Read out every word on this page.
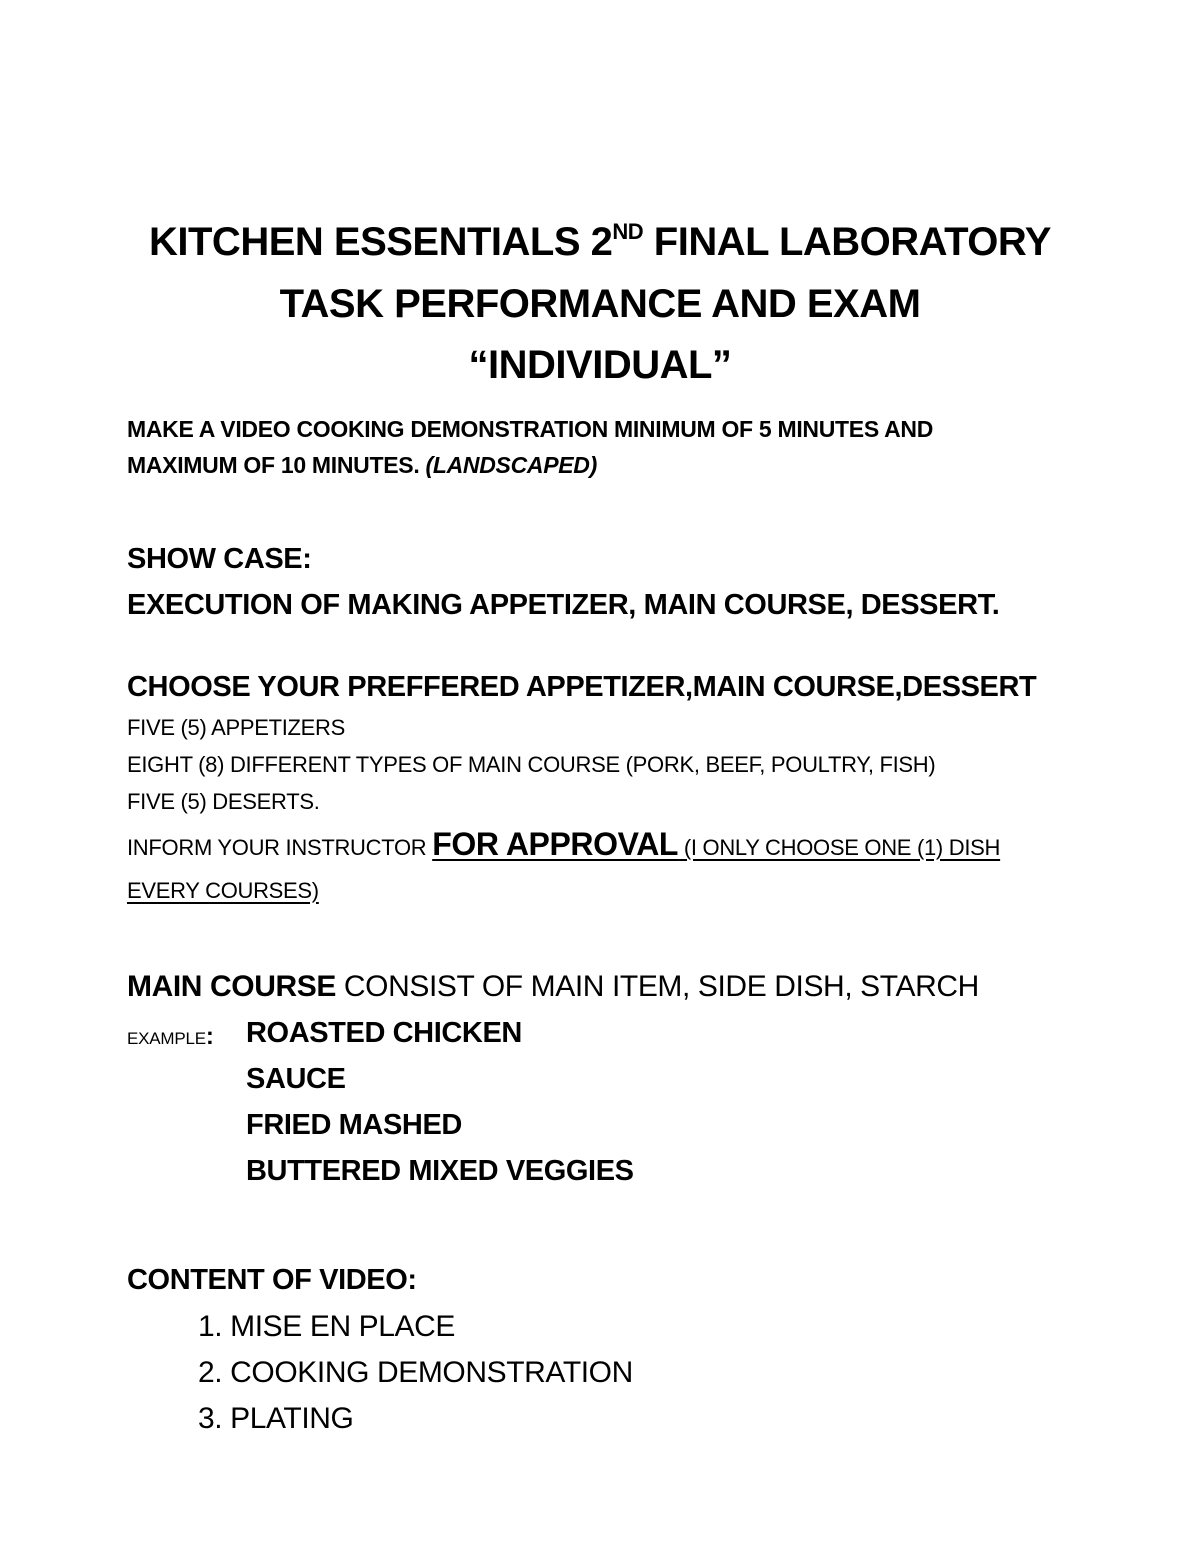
KITCHEN ESSENTIALS 2ND FINAL LABORATORY
TASK PERFORMANCE AND EXAM
“INDIVIDUAL”
MAKE A VIDEO COOKING DEMONSTRATION MINIMUM OF 5 MINUTES AND
MAXIMUM OF 10 MINUTES. (LANDSCAPED)
SHOW CASE:
EXECUTION OF MAKING APPETIZER, MAIN COURSE, DESSERT.
CHOOSE YOUR PREFFERED APPETIZER,MAIN COURSE,DESSERT
FIVE (5) APPETIZERS
EIGHT (8) DIFFERENT TYPES OF MAIN COURSE (PORK, BEEF, POULTRY, FISH)
FIVE (5) DESERTS.
INFORM YOUR INSTRUCTOR FOR APPROVAL (I ONLY CHOOSE ONE (1) DISH
EVERY COURSES)
MAIN COURSE CONSIST OF MAIN ITEM, SIDE DISH, STARCH
EXAMPLE: ROASTED CHICKEN
SAUCE
FRIED MASHED
BUTTERED MIXED VEGGIES
CONTENT OF VIDEO:
1. MISE EN PLACE
2. COOKING DEMONSTRATION
3. PLATING
